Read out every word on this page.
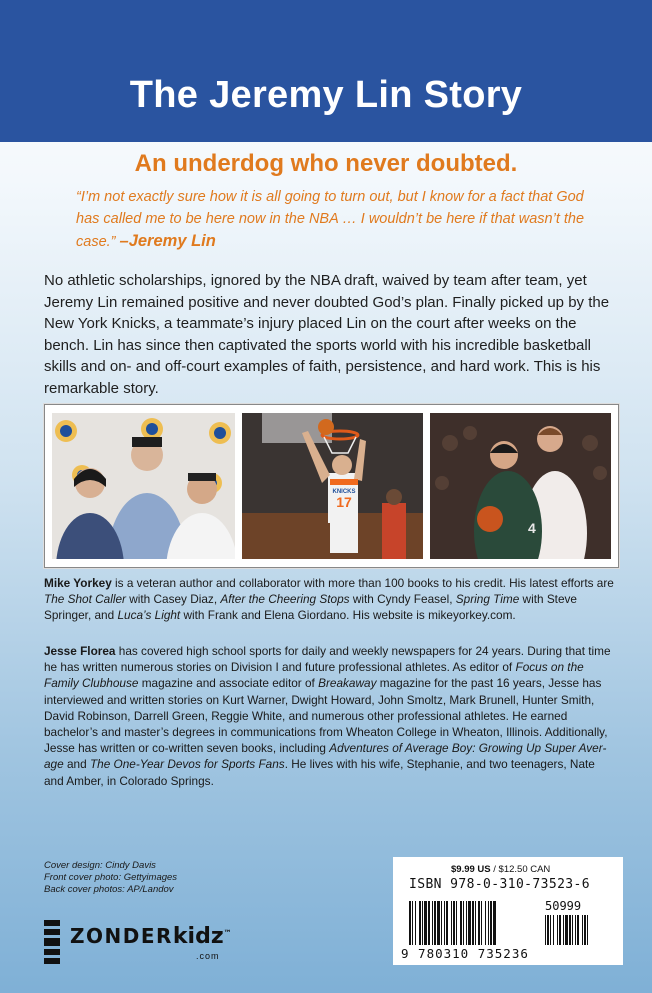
The Jeremy Lin Story
An underdog who never doubted.
“I’m not exactly sure how it is all going to turn out, but I know for a fact that God has called me to be here now in the NBA … I wouldn’t be here if that wasn’t the case.” –Jeremy Lin
No athletic scholarships, ignored by the NBA draft, waived by team after team, yet Jeremy Lin remained positive and never doubted God’s plan. Finally picked up by the New York Knicks, a teammate’s injury placed Lin on the court after weeks on the bench. Lin has since then captivated the sports world with his incredible basketball skills and on- and off-court examples of faith, persistence, and hard work. This is his remarkable story.
17
KNICKS
4
Mike Yorkey is a veteran author and collaborator with more than 100 books to his credit. His latest efforts are The Shot Caller with Casey Diaz, After the Cheering Stops with Cyndy Feasel, Spring Time with Steve Springer, and Luca’s Light with Frank and Elena Giordano. His website is mikeyorkey.com.
Jesse Florea has covered high school sports for daily and weekly newspapers for 24 years. During that time he has written numerous stories on Division I and future professional athletes. As editor of Focus on the Family Clubhouse magazine and associate editor of Breakaway magazine for the past 16 years, Jesse has interviewed and written stories on Kurt Warner, Dwight Howard, John Smoltz, Mark Brunell, Hunter Smith, David Robinson, Darrell Green, Reggie White, and numerous other professional athletes. He earned bachelor’s and master’s degrees in communications from Wheaton College in Wheaton, Illinois. Additionally, Jesse has written or co-written seven books, including Adventures of Average Boy: Growing Up Super Aver-age and The One-Year Devos for Sports Fans. He lives with his wife, Stephanie, and two teenagers, Nate and Amber, in Colorado Springs.
Cover design: Cindy Davis
Front cover photo: Gettyimages
Back cover photos: AP/Landov
ZONDERkidz™
.com
$9.99 US / $12.50 CAN
ISBN 978-0-310-73523-6
50999
9 780310 735236
